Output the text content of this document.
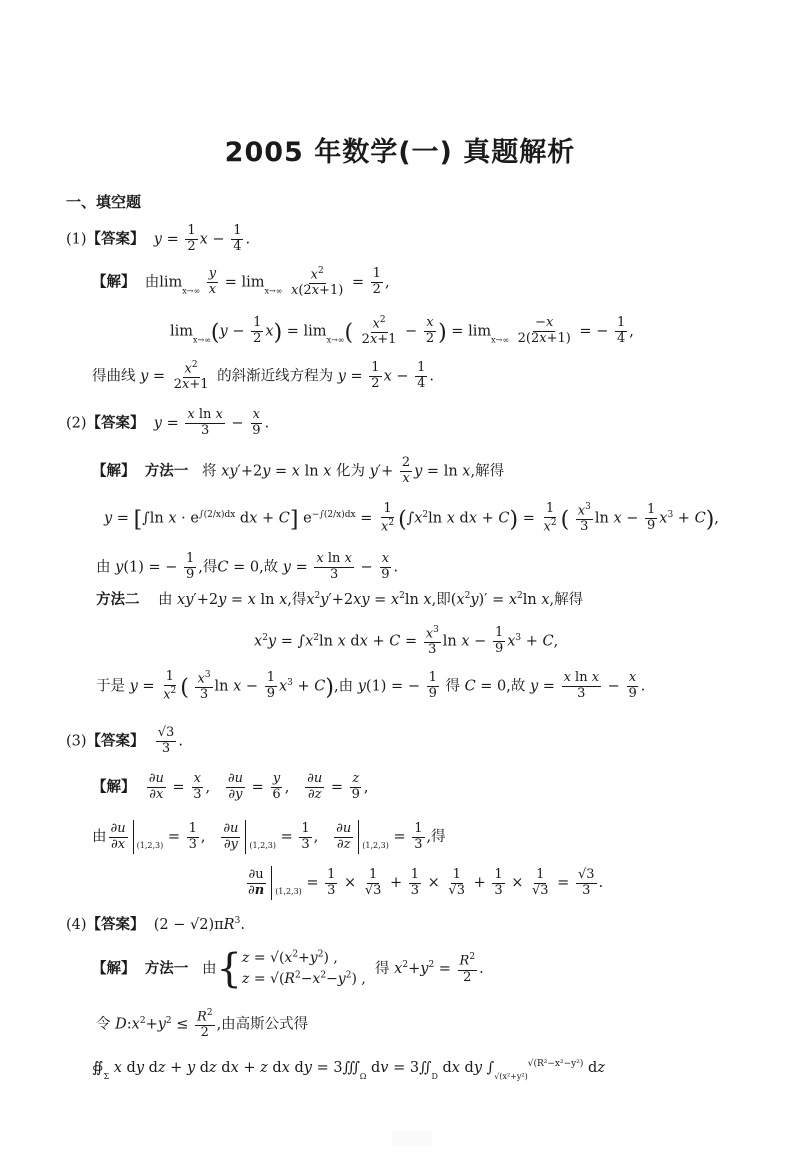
2005 年数学(一) 真题解析
一、填空题
(1)【答案】 $y = \frac{1}{2}$ $x - \frac{1}{4}$ .
【解】 由$\lim_{x\to\infty} \frac{y}{x} = \lim_{x\to\infty} \frac{x^2}{x(2x+1)} = \frac{1}{2}$ ,
$\lim_{x\to\infty}(y - \frac{1}{2} x) = \lim_{x\to\infty}( \frac{x^2}{2x+1} - \frac{x}{2}$ ) = $\lim_{x\to\infty} \frac{-x}{2(2x+1)}$ = − $\frac{1}{4}$ ,
得曲线 $y = \frac{x^2}{2x+1}$ 的斜渐近线方程为 $y = \frac{1}{2}$ $x - \frac{1}{4}$ .
(2)【答案】 $y = \frac{\text{x ln x}}{3} - \frac{x}{9}$ .
【解】 方法一 将 xy′+2y = x ln x 化为 $y'+ \frac{2}{x}$ y = ln x,解得
y = [∫ln $x \cdot e^{\int(2/x)dx}$ dx + C] $e^{-\int(2/x)dx} = \frac{1}{x^2} (\int x^2\ln$ x dx + $C) = \frac{1}{x^2}$ ( $\frac{x^3}{3}$ $\ln x - \frac{1}{9} x^3 + C$),
由 y(1) = − $\frac{1}{9}$ ,得C = 0,故 $y = \frac{\text{x ln x}}{3} - \frac{x}{9}$ .
方法二 由 xy′+2y = x ln x,得$x^2y'+2xy = x^2\ln$ x,即$(x^2y)' = x^2\ln$ x,解得
$x^2y = \int x^2\ln$ x dx + $C = \frac{x^3}{3}$ $\ln x - \frac{1}{9} x^3 + C$,
于是 $y = \frac{1}{x^2}$ ( $\frac{x^3}{3}$ $\ln x - \frac{1}{9} x^3 + C$),由 y(1) = − $\frac{1}{9}$ 得 C = 0,故 $y = \frac{\text{x ln x}}{3} - \frac{x}{9}$ .
(3)【答案】 $\frac{√3}{3}$ .
【解】 $\frac{\partial u}{\partial x} = \frac{x}{3}$ , $\frac{\partial u}{\partial y} = \frac{y}{6}$ , $\frac{\partial u}{\partial z} = \frac{z}{9}$ ,
由 $\frac{\partial u}{\partial x} _{(1,2,3)} = \frac{1}{3}$ , $\frac{\partial u}{\partial y} _{(1,2,3)} = \frac{1}{3}$ , $\frac{\partial u}{\partial z} _{(1,2,3)} = \frac{1}{3}$ ,得
$\frac{\partial u}{\partial n} _{(1,2,3)} = \frac{1}{3} \times \frac{1}{√3} + \frac{1}{3} \times \frac{1}{√3} + \frac{1}{3} \times \frac{1}{√3} = \frac{√3}{3}$ .
(4)【答案】  $(2 - √2)\pi R^3$.
【解】 方法一 由{ $z = √(x^2+y^2)$ ,
$z = √(R^2-x^2-y^2)$ ,
得 $x^2+y^2 = \frac{R^2}{2}$ .
令 $D:x^2+y^2 \le \frac{R^2}{2}$ ,由高斯公式得
$∯_\Sigma$ x dy dz + y dz dx + z dx dy = $3∭_\Omega$ dv = $3∬_D$ dx dy $\int_{√(x^2+y^2)}^{√(R^2-x^2-y^2)}$ dz
